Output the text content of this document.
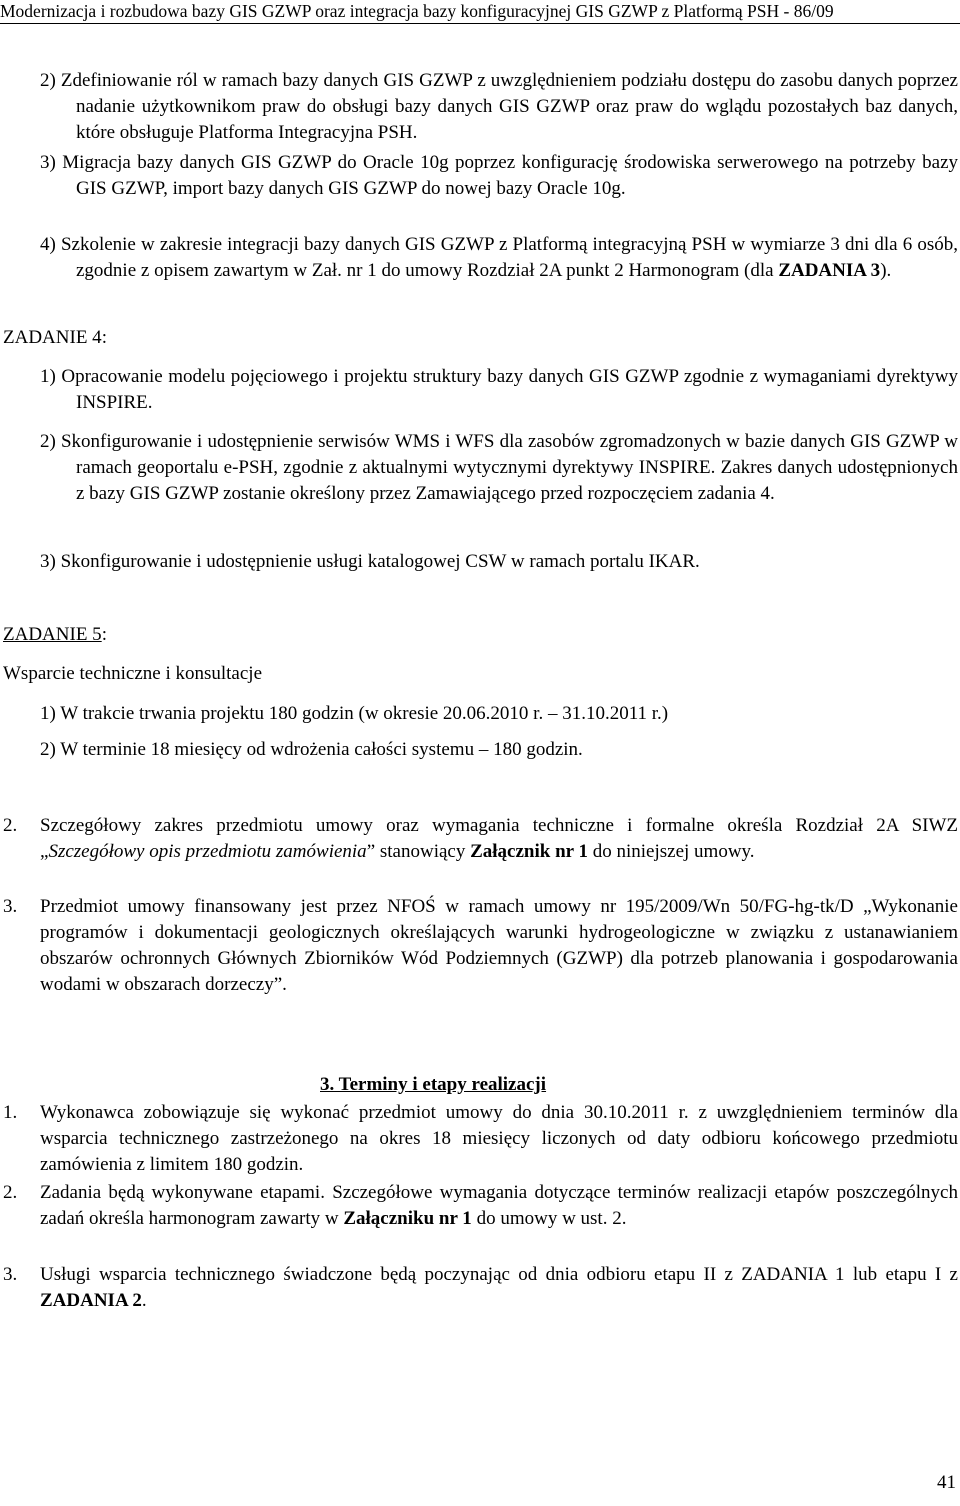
Modernizacja i rozbudowa bazy GIS GZWP oraz integracja bazy konfiguracyjnej GIS GZWP z Platformą PSH - 86/09
2) Zdefiniowanie ról w ramach bazy danych GIS GZWP z uwzględnieniem podziału dostępu do zasobu danych poprzez nadanie użytkownikom praw do obsługi bazy danych GIS GZWP oraz praw do wglądu pozostałych baz danych, które obsługuje Platforma Integracyjna PSH.
3) Migracja bazy danych GIS GZWP do Oracle 10g poprzez konfigurację środowiska serwerowego na potrzeby bazy GIS GZWP, import bazy danych GIS GZWP do nowej bazy Oracle 10g.
4) Szkolenie w zakresie integracji bazy danych GIS GZWP z Platformą integracyjną PSH w wymiarze 3 dni dla 6 osób, zgodnie z opisem zawartym w Zał. nr 1 do umowy Rozdział 2A punkt 2 Harmonogram (dla ZADANIA 3).
ZADANIE 4:
1) Opracowanie modelu pojęciowego i projektu struktury bazy danych GIS GZWP zgodnie z wymaganiami dyrektywy INSPIRE.
2) Skonfigurowanie i udostępnienie serwisów WMS i WFS dla zasobów zgromadzonych w bazie danych GIS GZWP w ramach geoportalu e-PSH, zgodnie z aktualnymi wytycznymi dyrektywy INSPIRE. Zakres danych udostępnionych z bazy GIS GZWP zostanie określony przez Zamawiającego przed rozpoczęciem zadania 4.
3) Skonfigurowanie i udostępnienie usługi katalogowej CSW w ramach portalu IKAR.
ZADANIE 5:
Wsparcie techniczne i konsultacje
1) W trakcie trwania projektu 180 godzin (w okresie 20.06.2010 r. – 31.10.2011 r.)
2) W terminie 18 miesięcy od wdrożenia całości systemu – 180 godzin.
2. Szczegółowy zakres przedmiotu umowy oraz wymagania techniczne i formalne określa Rozdział 2A SIWZ „Szczegółowy opis przedmiotu zamówienia” stanowiący Załącznik nr 1 do niniejszej umowy.
3. Przedmiot umowy finansowany jest przez NFOŚ w ramach umowy nr 195/2009/Wn 50/FG-hg-tk/D „Wykonanie programów i dokumentacji geologicznych określających warunki hydrogeologiczne w związku z ustanawianiem obszarów ochronnych Głównych Zbiorników Wód Podziemnych (GZWP) dla potrzeb planowania i gospodarowania wodami w obszarach dorzeczy”.
3. Terminy i etapy realizacji
1. Wykonawca zobowiązuje się wykonać przedmiot umowy do dnia 30.10.2011 r. z uwzględnieniem terminów dla wsparcia technicznego zastrzeżonego na okres 18 miesięcy liczonych od daty odbioru końcowego przedmiotu zamówienia z limitem 180 godzin.
2. Zadania będą wykonywane etapami. Szczegółowe wymagania dotyczące terminów realizacji etapów poszczególnych zadań określa harmonogram zawarty w Załączniku nr 1 do umowy w ust. 2.
3. Usługi wsparcia technicznego świadczone będą poczynając od dnia odbioru etapu II z ZADANIA 1 lub etapu I z ZADANIA 2.
41
